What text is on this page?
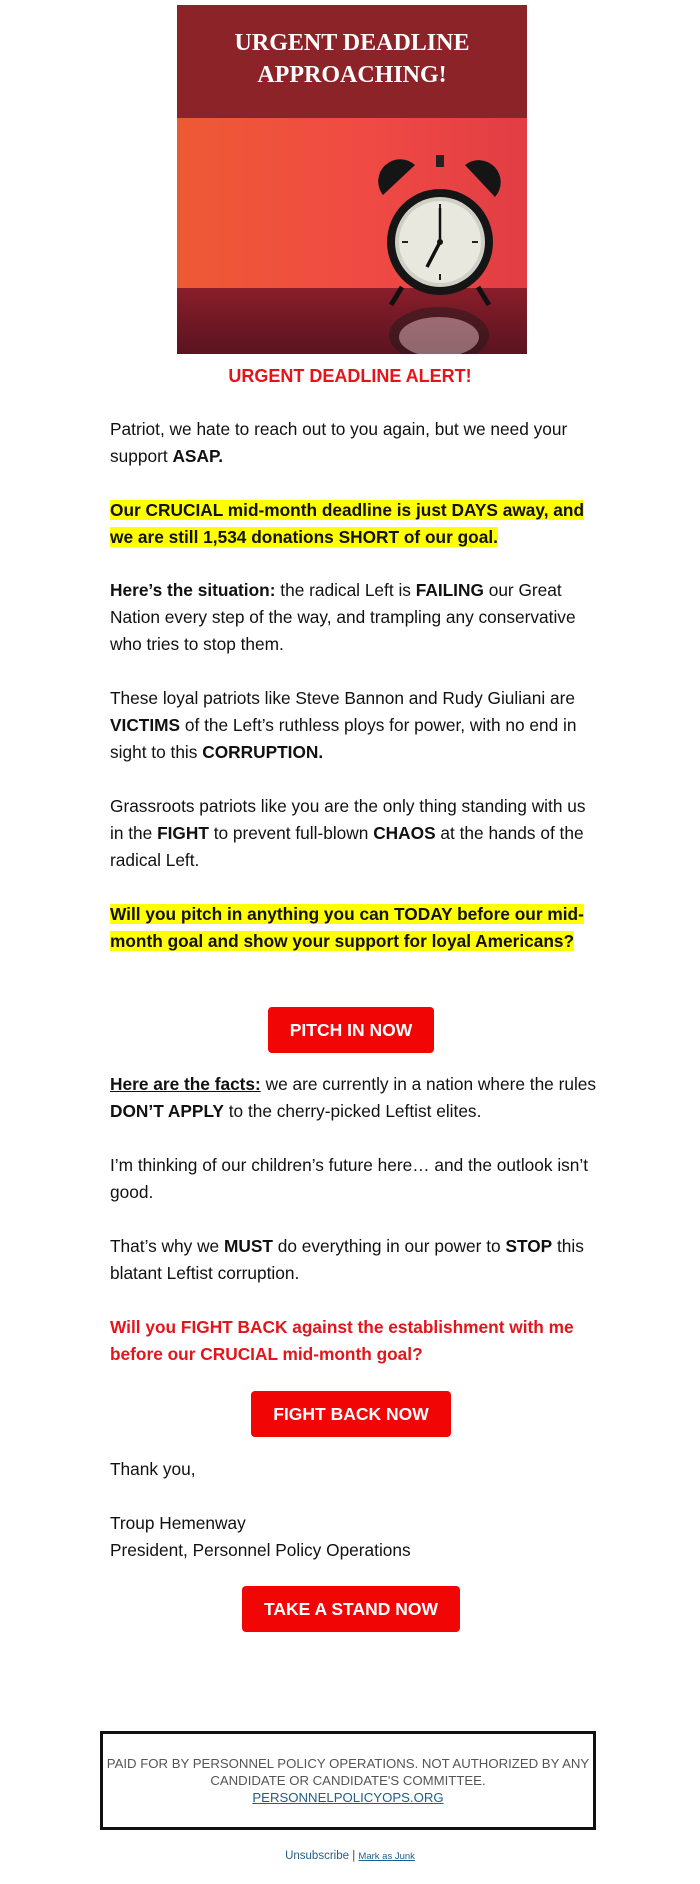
URGENT DEADLINE
APPROACHING!
URGENT DEADLINE ALERT!
Patriot, we hate to reach out to you again, but we need your support ASAP.
Our CRUCIAL mid-month deadline is just DAYS away, and we are still 1,534 donations SHORT of our goal.
Here’s the situation: the radical Left is FAILING our Great Nation every step of the way, and trampling any conservative who tries to stop them.
These loyal patriots like Steve Bannon and Rudy Giuliani are VICTIMS of the Left’s ruthless ploys for power, with no end in sight to this CORRUPTION.
Grassroots patriots like you are the only thing standing with us in the FIGHT to prevent full-blown CHAOS at the hands of the radical Left.
Will you pitch in anything you can TODAY before our mid-month goal and show your support for loyal Americans?
PITCH IN NOW
Here are the facts: we are currently in a nation where the rules DON’T APPLY to the cherry-picked Leftist elites.
I’m thinking of our children’s future here… and the outlook isn’t good.
That’s why we MUST do everything in our power to STOP this blatant Leftist corruption.
Will you FIGHT BACK against the establishment with me before our CRUCIAL mid-month goal?
FIGHT BACK NOW
Thank you,
Troup Hemenway
President, Personnel Policy Operations
TAKE A STAND NOW
PAID FOR BY PERSONNEL POLICY OPERATIONS. NOT AUTHORIZED BY ANY CANDIDATE OR CANDIDATE'S COMMITTEE.
PERSONNELPOLICYOPS.ORG
Unsubscribe | Mark as Junk
